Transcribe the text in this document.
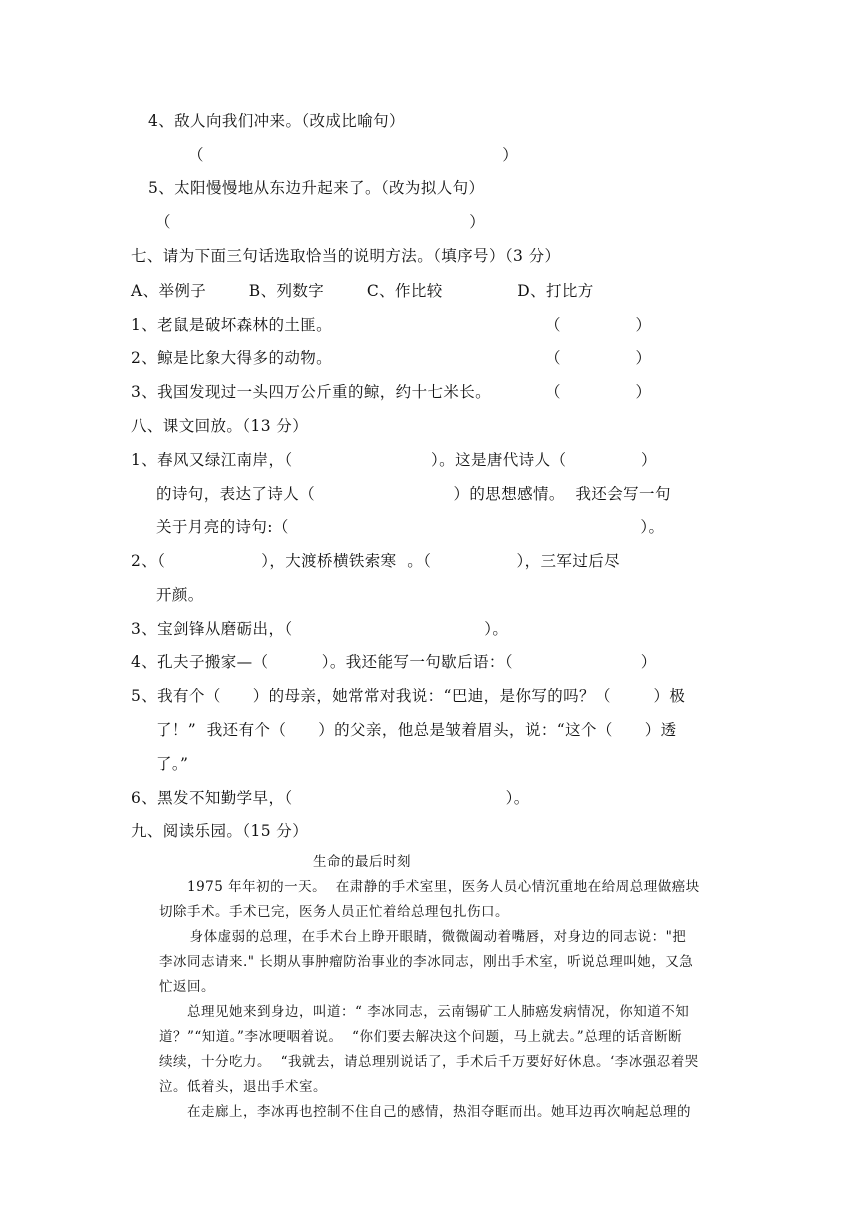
4、敌人向我们冲来。（改成比喻句）
（                                                        ）
5、太阳慢慢地从东边升起来了。（改为拟人句）
（                                                        ）
七、请为下面三句话选取恰当的说明方法。（填序号）（3 分）
A、举例子        B、列数字        C、作比较              D、打比方
1、老鼠是破坏森林的土匪。	（              ）
2、鲸是比象大得多的动物。	（              ）
3、我国发现过一头四万公斤重的鲸，约十七米长。	（              ）
八、课文回放。（13 分）
1、春风又绿江南岸，（                          ）。这是唐代诗人（              ）
的诗句，表达了诗人（                          ）的思想感情。  我还会写一句
关于月亮的诗句:（                                                                  ）。
2、（                  ），大渡桥横铁索寒  。（                ），三军过后尽
开颜。
3、宝剑锋从磨砺出，（                                    ）。
4、孔夫子搬家—（          ）。我还能写一句歇后语：（                        ）
5、我有个（      ）的母亲，她常常对我说：“巴迪，是你写的吗？（        ）极
了！”  我还有个（      ）的父亲，他总是皱着眉头，说：“这个（      ）透
了。”
6、黑发不知勤学早，（                                        ）。
九、阅读乐园。（15 分）
生命的最后时刻
1975 年年初的一天。  在肃静的手术室里，医务人员心情沉重地在给周总理做癌块
切除手术。手术已完，医务人员正忙着给总理包扎伤口。
身体虚弱的总理，在手术台上睁开眼睛，微微阖动着嘴唇，对身边的同志说："把
李冰同志请来." 长期从事肿瘤防治事业的李冰同志，刚出手术室，听说总理叫她，又急
忙返回。
总理见她来到身边，叫道：“ 李冰同志，云南锡矿工人肺癌发病情况，你知道不知
道？”“知道。”李冰哽咽着说。  “你们要去解决这个问题，马上就去。”总理的话音断断
续续，十分吃力。  “我就去，请总理别说话了，手术后千万要好好休息。‘李冰强忍着哭
泣。低着头，退出手术室。
在走廊上，李冰再也控制不住自己的感情，热泪夺眶而出。她耳边再次响起总理的
